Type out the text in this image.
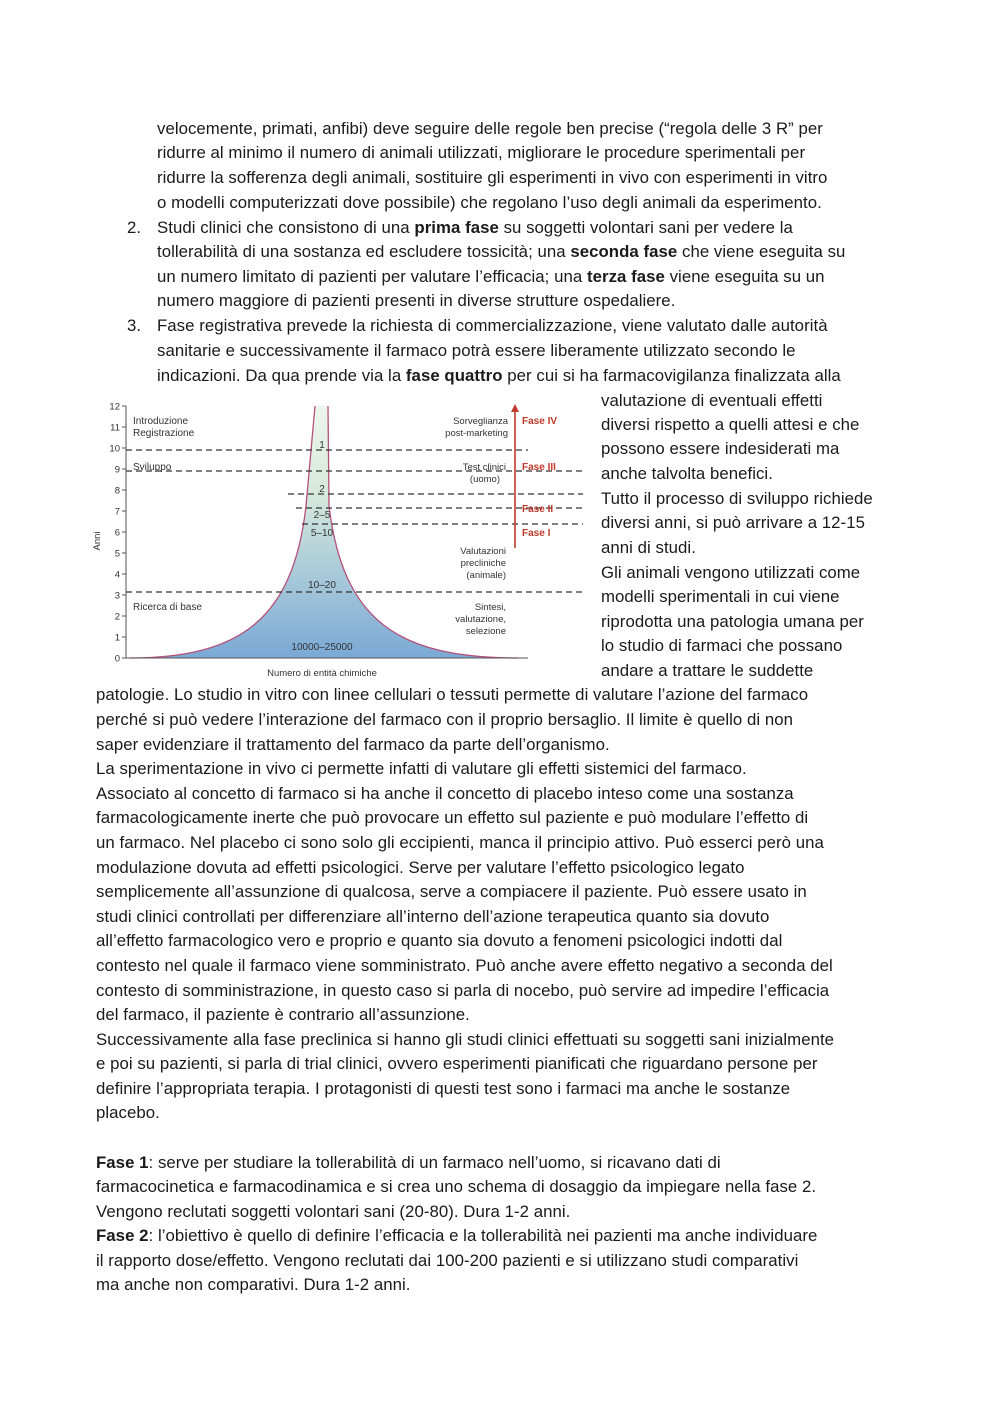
velocemente, primati, anfibi) deve seguire delle regole ben precise (“regola delle 3 R” per
ridurre al minimo il numero di animali utilizzati, migliorare le procedure sperimentali per
ridurre la sofferenza degli animali, sostituire gli esperimenti in vivo con esperimenti in vitro
o modelli computerizzati dove possibile) che regolano l’uso degli animali da esperimento.
2. Studi clinici che consistono di una prima fase su soggetti volontari sani per vedere la
tollerabilità di una sostanza ed escludere tossicità; una seconda fase che viene eseguita su
un numero limitato di pazienti per valutare l’efficacia; una terza fase viene eseguita su un
numero maggiore di pazienti presenti in diverse strutture ospedaliere.
3. Fase registrativa prevede la richiesta di commercializzazione, viene valutato dalle autorità
sanitarie e successivamente il farmaco potrà essere liberamente utilizzato secondo le
indicazioni. Da qua prende via la fase quattro per cui si ha farmacovigilanza finalizzata alla
0
1
2
3
4
5
6
7
8
9
10
11
12
Anni
Introduzione
Registrazione
Sviluppo
Ricerca di base
Sorveglianza
post-marketing
Test clinici
(uomo)
Valutazioni
precliniche
(animale)
Sintesi,
valutazione,
selezione
Fase IV
Fase III
Fase II
Fase I
1
2
2–5
5–10
10–20
10000–25000
Numero di entità chimiche
valutazione di eventuali effetti
diversi rispetto a quelli attesi e che
possono essere indesiderati ma
anche talvolta benefici.
Tutto il processo di sviluppo richiede
diversi anni, si può arrivare a 12-15
anni di studi.
Gli animali vengono utilizzati come
modelli sperimentali in cui viene
riprodotta una patologia umana per
lo studio di farmaci che possano
andare a trattare le suddette
patologie. Lo studio in vitro con linee cellulari o tessuti permette di valutare l’azione del farmaco
perché si può vedere l’interazione del farmaco con il proprio bersaglio. Il limite è quello di non
saper evidenziare il trattamento del farmaco da parte dell’organismo.
La sperimentazione in vivo ci permette infatti di valutare gli effetti sistemici del farmaco.
Associato al concetto di farmaco si ha anche il concetto di placebo inteso come una sostanza
farmacologicamente inerte che può provocare un effetto sul paziente e può modulare l’effetto di
un farmaco. Nel placebo ci sono solo gli eccipienti, manca il principio attivo. Può esserci però una
modulazione dovuta ad effetti psicologici. Serve per valutare l’effetto psicologico legato
semplicemente all’assunzione di qualcosa, serve a compiacere il paziente. Può essere usato in
studi clinici controllati per differenziare all’interno dell’azione terapeutica quanto sia dovuto
all’effetto farmacologico vero e proprio e quanto sia dovuto a fenomeni psicologici indotti dal
contesto nel quale il farmaco viene somministrato. Può anche avere effetto negativo a seconda del
contesto di somministrazione, in questo caso si parla di nocebo, può servire ad impedire l’efficacia
del farmaco, il paziente è contrario all’assunzione.
Successivamente alla fase preclinica si hanno gli studi clinici effettuati su soggetti sani inizialmente
e poi su pazienti, si parla di trial clinici, ovvero esperimenti pianificati che riguardano persone per
definire l’appropriata terapia. I protagonisti di questi test sono i farmaci ma anche le sostanze
placebo.
Fase 1: serve per studiare la tollerabilità di un farmaco nell’uomo, si ricavano dati di
farmacocinetica e farmacodinamica e si crea uno schema di dosaggio da impiegare nella fase 2.
Vengono reclutati soggetti volontari sani (20-80). Dura 1-2 anni.
Fase 2: l’obiettivo è quello di definire l’efficacia e la tollerabilità nei pazienti ma anche individuare
il rapporto dose/effetto. Vengono reclutati dai 100-200 pazienti e si utilizzano studi comparativi
ma anche non comparativi. Dura 1-2 anni.
